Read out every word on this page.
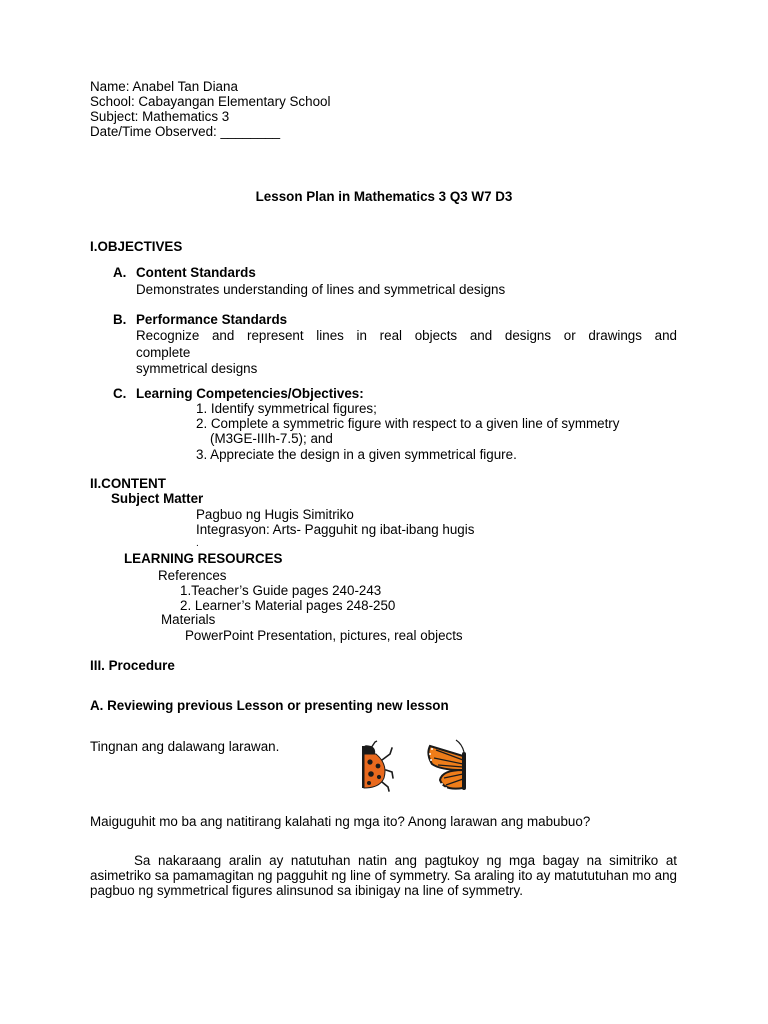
Name: Anabel Tan Diana
School: Cabayangan Elementary School
Subject: Mathematics 3
Date/Time Observed: ________
Lesson Plan in Mathematics 3 Q3 W7 D3
I.OBJECTIVES
A. Content Standards
Demonstrates understanding of lines and symmetrical designs
B. Performance Standards
Recognize and represent lines in real objects and designs or drawings and
complete
symmetrical designs
C. Learning Competencies/Objectives:
1. Identify symmetrical figures;
2. Complete a symmetric figure with respect to a given line of symmetry
(M3GE-IIIh-7.5); and
3. Appreciate the design in a given symmetrical figure.
II.CONTENT
Subject Matter
Pagbuo ng Hugis Simitriko
Integrasyon: Arts- Pagguhit ng ibat-ibang hugis
.
LEARNING RESOURCES
References
1.Teacher’s Guide pages 240-243
2. Learner’s Material pages 248-250
Materials
PowerPoint Presentation, pictures, real objects
III. Procedure
A. Reviewing previous Lesson or presenting new lesson
Tingnan ang dalawang larawan.
Maiguguhit mo ba ang natitirang kalahati ng mga ito? Anong larawan ang mabubuo?
Sa nakaraang aralin ay natutuhan natin ang pagtukoy ng mga bagay na simitriko at asimetriko sa pamamagitan ng pagguhit ng line of symmetry. Sa araling ito ay matututuhan mo ang pagbuo ng symmetrical figures alinsunod sa ibinigay na line of symmetry.
